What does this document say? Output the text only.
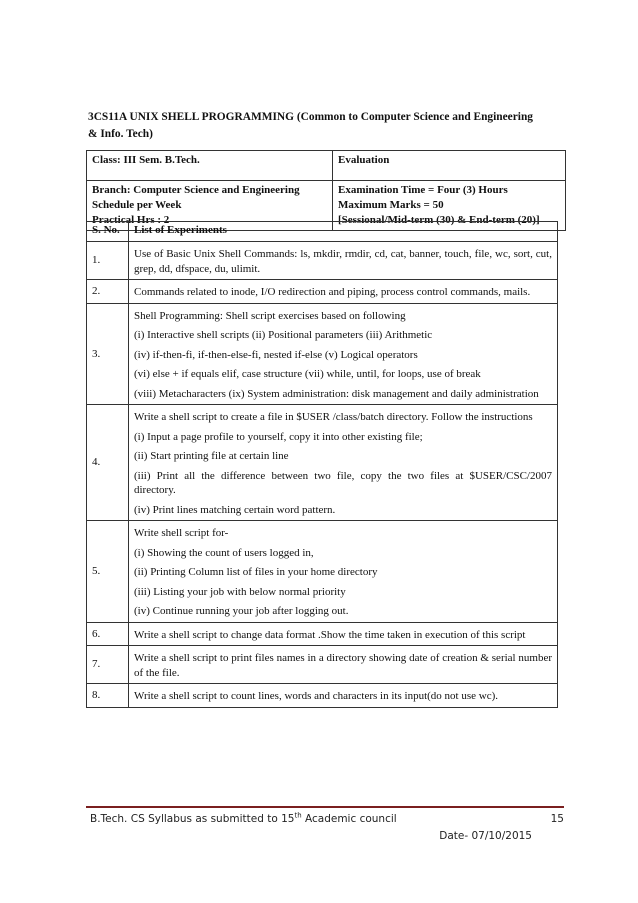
3CS11A UNIX SHELL PROGRAMMING (Common to Computer Science and Engineering
& Info. Tech)
Class: III Sem. B.Tech.	Evaluation

Branch: Computer Science and Engineering
Schedule per Week
Practical Hrs : 2	Examination Time = Four (3) Hours
Maximum Marks = 50
[Sessional/Mid-term (30) & End-term (20)]
S. No.	List of Experiments
1.	Use of Basic Unix Shell Commands: ls, mkdir, rmdir, cd, cat, banner, touch, file, wc, sort, cut, grep, dd, dfspace, du, ulimit.

2.	Commands related to inode, I/O redirection and piping, process control commands, mails.

3.	Shell Programming: Shell script exercises based on following
(i) Interactive shell scripts (ii) Positional parameters (iii) Arithmetic
(iv) if-then-fi, if-then-else-fi, nested if-else (v) Logical operators
(vi) else + if equals elif, case structure (vii) while, until, for loops, use of break
(viii) Metacharacters (ix) System administration: disk management and daily administration

4.	Write a shell script to create a file in $USER /class/batch directory. Follow the instructions
(i) Input a page profile to yourself, copy it into other existing file;
(ii) Start printing file at certain line
(iii) Print all the difference between two file, copy the two files at $USER/CSC/2007 directory.
(iv) Print lines matching certain word pattern.

5.	Write shell script for-
(i) Showing the count of users logged in,
(ii) Printing Column list of files in your home directory
(iii) Listing your job with below normal priority
(iv) Continue running your job after logging out.

6.	Write a shell script to change data format .Show the time taken in execution of this script

7.	Write a shell script to print files names in a directory showing date of creation & serial number of the file.

8.	Write a shell script to count lines, words and characters in its input(do not use wc).
B.Tech. CS Syllabus as submitted to 15th Academic council	15
Date- 07/10/2015
